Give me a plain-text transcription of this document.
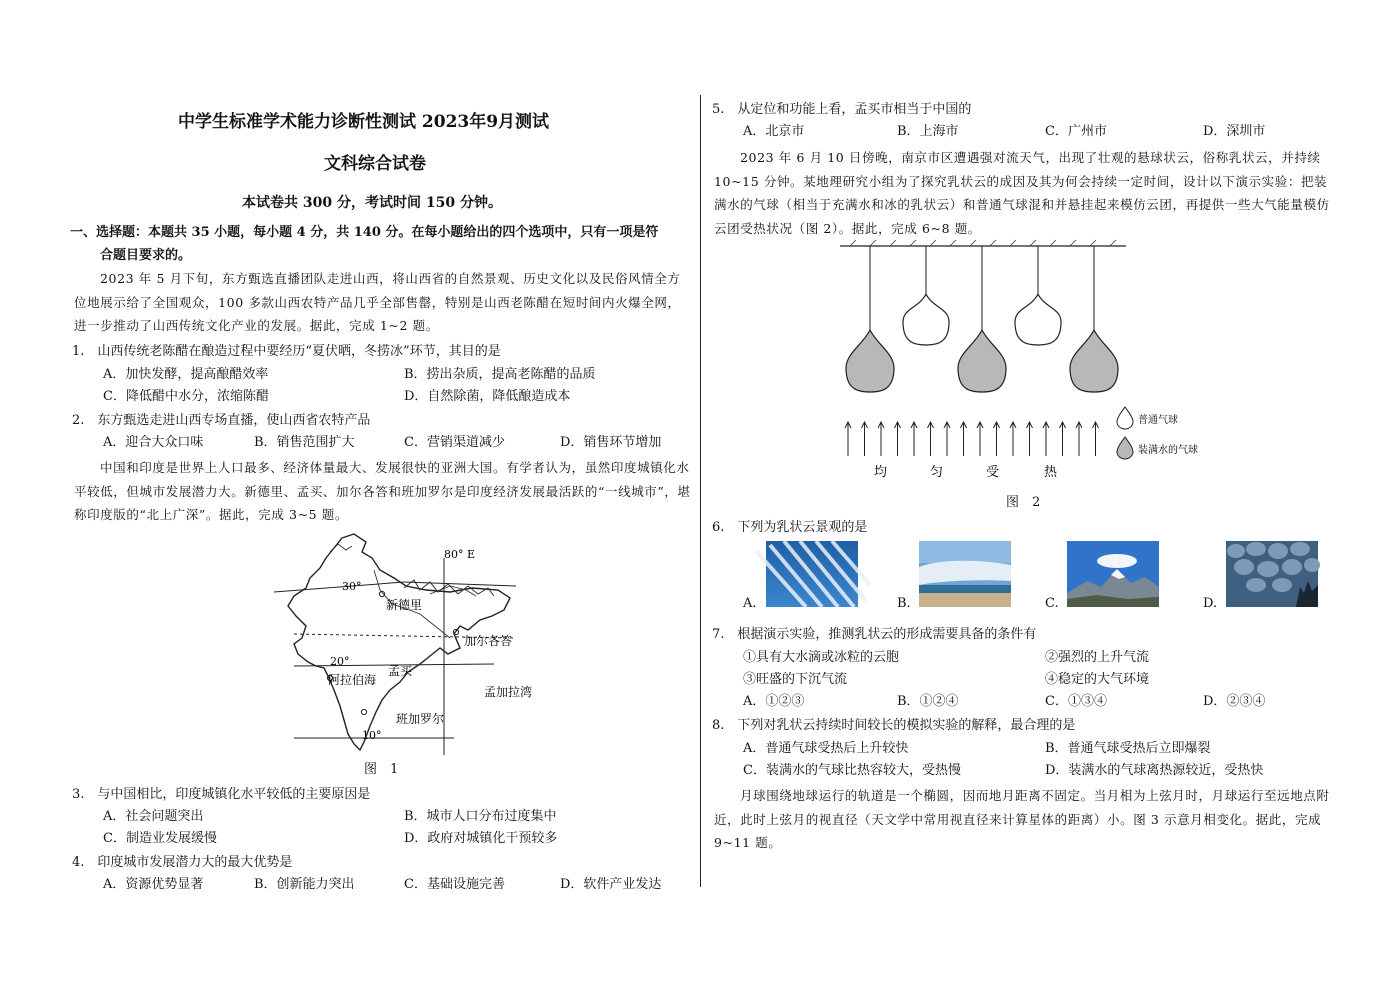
中学生标准学术能力诊断性测试 2023年9月测试
文科综合试卷
本试卷共 300 分，考试时间 150 分钟。
一、选择题：本题共 35 小题，每小题 4 分，共 140 分。在每小题给出的四个选项中，只有一项是符
合题目要求的。
2023 年 5 月下旬，东方甄选直播团队走进山西，将山西省的自然景观、历史文化以及民俗风情全方位地展示给了全国观众，100 多款山西农特产品几乎全部售罄，特别是山西老陈醋在短时间内火爆全网，进一步推动了山西传统文化产业的发展。据此，完成 1~2 题。
1.　山西传统老陈醋在酿造过程中要经历“夏伏晒，冬捞冰”环节，其目的是
A．加快发酵，提高酿醋效率	B．捞出杂质，提高老陈醋的品质
C．降低醋中水分，浓缩陈醋	D．自然除菌，降低酿造成本
2.　东方甄选走进山西专场直播，使山西省农特产品
A．迎合大众口味	B．销售范围扩大	C．营销渠道减少	D．销售环节增加
中国和印度是世界上人口最多、经济体量最大、发展很快的亚洲大国。有学者认为，虽然印度城镇化水平较低，但城市发展潜力大。新德里、孟买、加尔各答和班加罗尔是印度经济发展最活跃的“一线城市”，堪称印度版的“北上广深”。据此，完成 3~5 题。
80° E
30°
20°
10°
新德里
加尔各答
孟买
阿拉伯海
孟加拉湾
班加罗尔
图　1
3.　与中国相比，印度城镇化水平较低的主要原因是
A．社会问题突出	B．城市人口分布过度集中
C．制造业发展缓慢	D．政府对城镇化干预较多
4.　印度城市发展潜力大的最大优势是
A．资源优势显著	B．创新能力突出	C．基础设施完善	D．软件产业发达
5.　从定位和功能上看，孟买市相当于中国的
A．北京市	B．上海市	C．广州市	D．深圳市
2023 年 6 月 10 日傍晚，南京市区遭遇强对流天气，出现了壮观的悬球状云，俗称乳状云，并持续10~15 分钟。某地理研究小组为了探究乳状云的成因及其为何会持续一定时间，设计以下演示实验：把装满水的气球（相当于充满水和冰的乳状云）和普通气球混和并悬挂起来模仿云团，再提供一些大气能量模仿云团受热状况（图 2）。据此，完成 6~8 题。
均	匀	受	热
普通气球
装满水的气球
图　2
6.　下列为乳状云景观的是
A.	B.	C.	D.
7.　根据演示实验，推测乳状云的形成需要具备的条件有
①具有大水滴或冰粒的云胞	②强烈的上升气流
③旺盛的下沉气流	④稳定的大气环境
A．①②③	B．①②④	C．①③④	D．②③④
8.　下列对乳状云持续时间较长的模拟实验的解释，最合理的是
A．普通气球受热后上升较快	B．普通气球受热后立即爆裂
C．装满水的气球比热容较大，受热慢	D．装满水的气球离热源较近，受热快
月球围绕地球运行的轨道是一个椭圆，因而地月距离不固定。当月相为上弦月时，月球运行至远地点附近，此时上弦月的视直径（天文学中常用视直径来计算星体的距离）小。图 3 示意月相变化。据此，完成 9~11 题。
